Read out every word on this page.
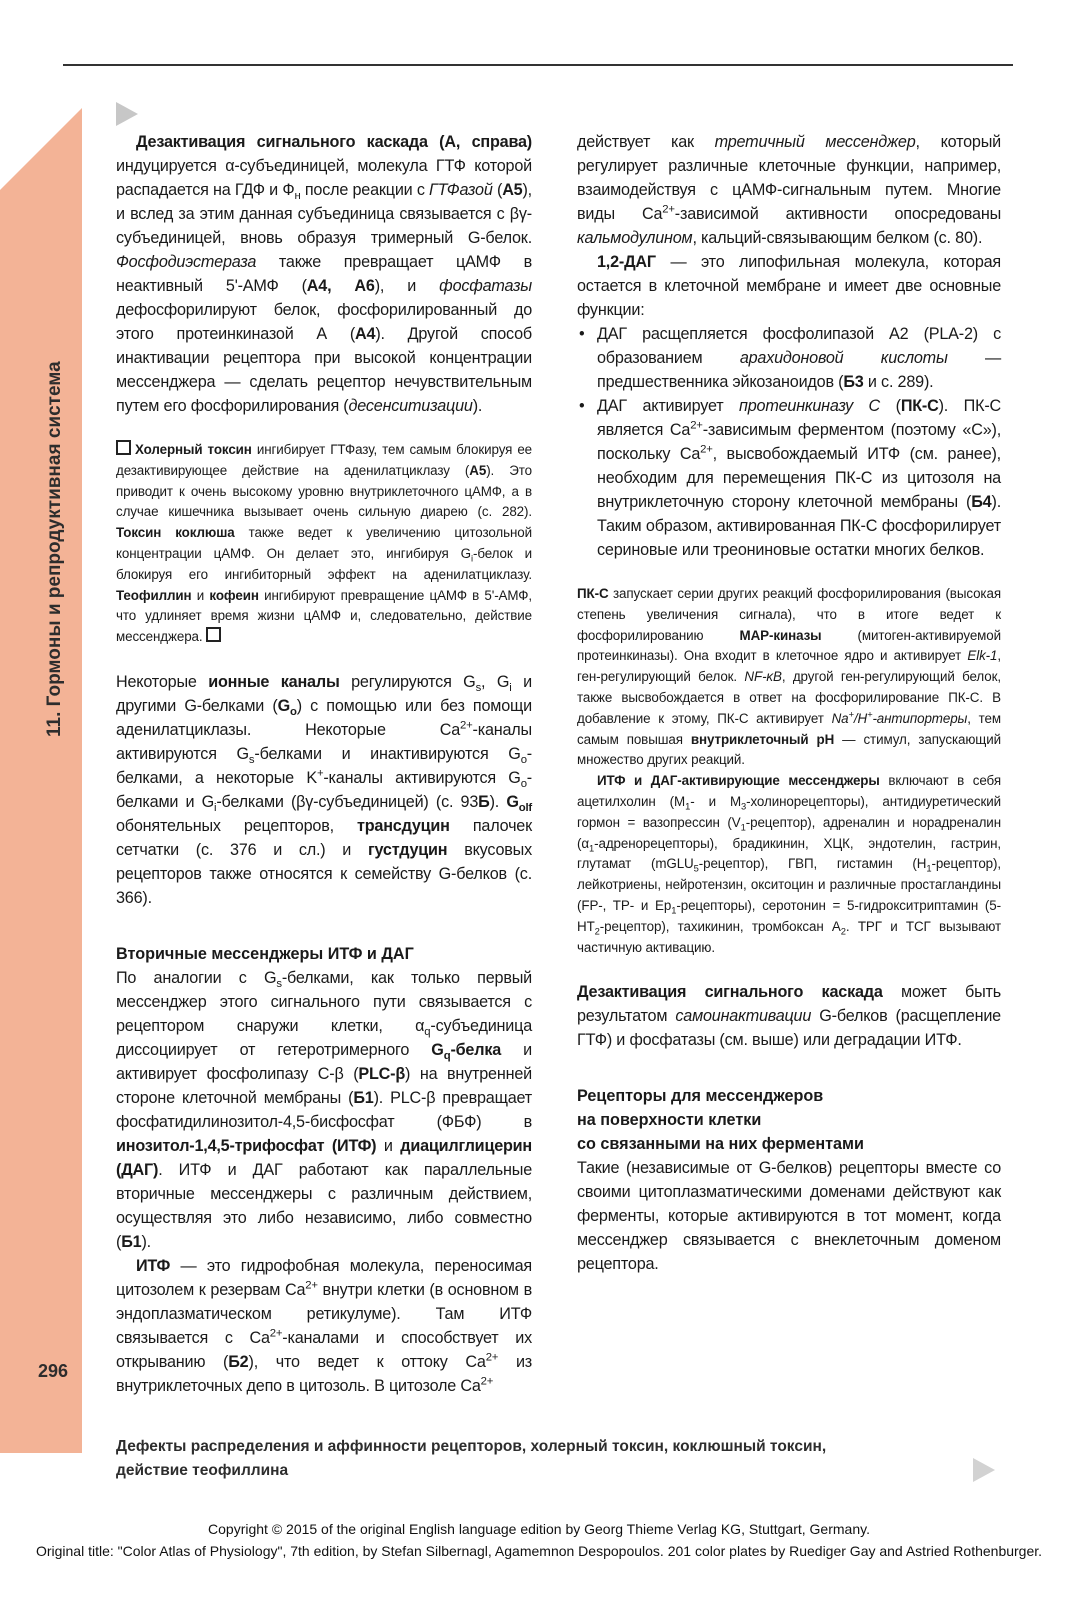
11. Гормоны и репродуктивная система
296

Дезактивация сигнального каскада (А, справа) индуцируется α-субъединицей, молекула ГТФ которой распадается на ГДФ и $Ф_н$ после реакции с ГТФазой (А5), и вслед за этим данная субъединица связывается с βγ-субъединицей, вновь образуя тримерный G-белок. Фосфодиэстераза также превращает цАМФ в неактивный 5'-АМФ (А4, А6), и фосфатазы дефосфорилируют белок, фосфорилированный до этого протеинкиназой А (А4). Другой способ инактивации рецептора при высокой концентрации мессенджера — сделать рецептор нечувствительным путем его фосфорилирования (десенситизации).

Холерный токсин ингибирует ГТФазу, тем самым блокируя ее дезактивирующее действие на аденилатциклазу (А5). Это приводит к очень высокому уровню внутриклеточного цАМФ, а в случае кишечника вызывает очень сильную диарею (с. 282). Токсин коклюша также ведет к увеличению цитозольной концентрации цАМФ. Он делает это, ингибируя $G_i$-белок и блокируя его ингибиторный эффект на аденилатциклазу. Теофиллин и кофеин ингибируют превращение цАМФ в 5'-АМФ, что удлиняет время жизни цАМФ и, следовательно, действие мессенджера.

Некоторые ионные каналы регулируются $G_s$, $G_i$ и другими G-белками $(G_o)$ с помощью или без помощи аденилатциклазы. Некоторые $Ca^{2+}$-каналы активируются $G_s$-белками и инактивируются $G_o$-белками, а некоторые K+-каналы активируются $G_o$-белками и $G_i$-белками (βγ-субъединицей) (с. 93Б). $G_{olf}$ обонятельных рецепторов, трансдуцин палочек сетчатки (с. 376 и сл.) и густдуцин вкусовых рецепторов также относятся к семейству G-белков (с. 366).

Вторичные мессенджеры ИТФ и ДАГ

По аналогии с $G_s$-белками, как только первый мессенджер этого сигнального пути связывается с рецептором снаружи клетки, $\alpha_q$-субъединица диссоциирует от гетеротримерного $G_q$-белка и активирует фосфолипазу С-β (PLC-β) на внутренней стороне клеточной мембраны (Б1). PLC-β превращает фосфатидилинозитол-4,5-бисфосфат (ФБФ) в инозитол-1,4,5-трифосфат (ИТФ) и диацилглицерин (ДАГ). ИТФ и ДАГ работают как параллельные вторичные мессенджеры с различным действием, осуществляя это либо независимо, либо совместно (Б1).

ИТФ — это гидрофобная молекула, переносимая цитозолем к резервам $Ca^{2+}$ внутри клетки (в основном в эндоплазматическом ретикулуме). Там ИТФ связывается с $Ca^{2+}$-каналами и способствует их открыванию (Б2), что ведет к оттоку $Ca^{2+}$ из внутриклеточных депо в цитозоль. В цитозоле $Ca^{2+}$

действует как третичный мессенджер, который регулирует различные клеточные функции, например, взаимодействуя с цАМФ-сигнальным путем. Многие виды $Ca^{2+}$-зависимой активности опосредованы кальмодулином, кальций-связывающим белком (с. 80).

1,2-ДАГ — это липофильная молекула, которая остается в клеточной мембране и имеет две основные функции:

• ДАГ расщепляется фосфолипазой А2 (PLA-2) с образованием арахидоновой кислоты — предшественника эйкозаноидов (Б3 и с. 289).
• ДАГ активирует протеинкиназу С (ПК-С). ПК-С является $Ca^{2+}$-зависимым ферментом (поэтому «С»), поскольку $Ca^{2+}$, высвобождаемый ИТФ (см. ранее), необходим для перемещения ПК-С из цитозоля на внутриклеточную сторону клеточной мембраны (Б4). Таким образом, активированная ПК-С фосфорилирует сериновые или треониновые остатки многих белков.

ПК-С запускает серии других реакций фосфорилирования (высокая степень увеличения сигнала), что в итоге ведет к фосфорилированию МАР-киназы (митоген-активируемой протеинкиназы). Она входит в клеточное ядро и активирует Elk-1, ген-регулирующий белок. NF-κB, другой ген-регулирующий белок, также высвобождается в ответ на фосфорилирование ПК-С. В добавление к этому, ПК-С активирует Na+/H+-антипортеры, тем самым повышая внутриклеточный pH — стимул, запускающий множество других реакций.

ИТФ и ДАГ-активирующие мессенджеры включают в себя ацетилхолин ($M_1-$ и $M_3-холинорецепторы$), антидиуретический гормон = вазопрессин $(V_1-рецептор)$, адреналин и норадреналин $(\alpha_1-адренорецепторы)$, брадикинин, ХЦК, эндотелин, гастрин, глутамат (mGLU$_5$-рецептор), ГВП, гистамин $(H_1-рецептор)$, лейкотриены, нейротензин, окситоцин и различные простагландины (FP-, TP- и $Ep_1-рецепторы$), серотонин = 5-гидрокситриптамин $(5-HT_2-рецептор)$, тахикинин, тромбоксан $A_2$. ТРГ и ТСГ вызывают частичную активацию.

Дезактивация сигнального каскада может быть результатом самоинактивации G-белков (расщепление ГТФ) и фосфатазы (см. выше) или деградации ИТФ.

Рецепторы для мессенджеров

на поверхности клетки

со связанными на них ферментами

Такие (независимые от G-белков) рецепторы вместе со своими цитоплазматическими доменами действуют как ферменты, которые активируются в тот момент, когда мессенджер связывается с внеклеточным доменом рецептора.

Дефекты распределения и аффинности рецепторов, холерный токсин, коклюшный токсин,
действие теофиллина
Copyright © 2015 of the original English language edition by Georg Thieme Verlag KG, Stuttgart, Germany.
Original title: "Color Atlas of Physiology", 7th edition, by Stefan Silbernagl, Agamemnon Despopoulos. 201 color plates by Ruediger Gay and Astried Rothenburger.
